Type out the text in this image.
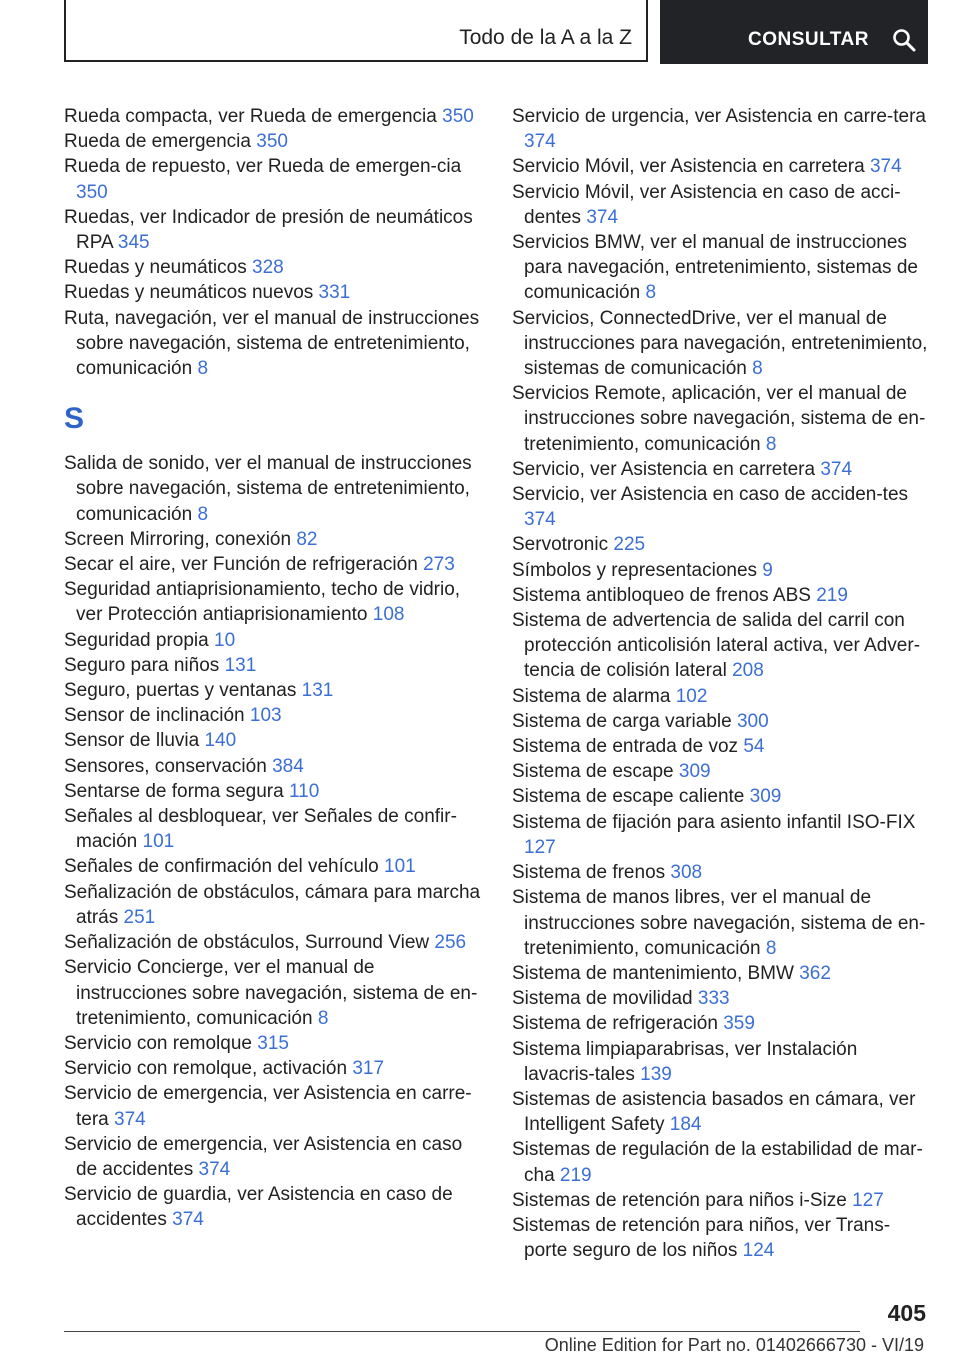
Todo de la A a la Z	CONSULTAR
Rueda compacta, ver Rueda de emergencia 350
Rueda de emergencia 350
Rueda de repuesto, ver Rueda de emergen‐cia 350
Ruedas, ver Indicador de presión de neumáticos RPA 345
Ruedas y neumáticos 328
Ruedas y neumáticos nuevos 331
Ruta, navegación, ver el manual de instrucciones sobre navegación, sistema de entretenimiento, comunicación 8
S
Salida de sonido, ver el manual de instrucciones sobre navegación, sistema de entretenimiento, comunicación 8
Screen Mirroring, conexión 82
Secar el aire, ver Función de refrigeración 273
Seguridad antiaprisionamiento, techo de vidrio, ver Protección antiaprisionamiento 108
Seguridad propia 10
Seguro para niños 131
Seguro, puertas y ventanas 131
Sensor de inclinación 103
Sensor de lluvia 140
Sensores, conservación 384
Sentarse de forma segura 110
Señales al desbloquear, ver Señales de confir‐mación 101
Señales de confirmación del vehículo 101
Señalización de obstáculos, cámara para marcha atrás 251
Señalización de obstáculos, Surround View 256
Servicio Concierge, ver el manual de instrucciones sobre navegación, sistema de en‐tretenimiento, comunicación 8
Servicio con remolque 315
Servicio con remolque, activación 317
Servicio de emergencia, ver Asistencia en carre‐tera 374
Servicio de emergencia, ver Asistencia en caso de accidentes 374
Servicio de guardia, ver Asistencia en caso de accidentes 374
Servicio de urgencia, ver Asistencia en carre‐tera 374
Servicio Móvil, ver Asistencia en carretera 374
Servicio Móvil, ver Asistencia en caso de acci‐dentes 374
Servicios BMW, ver el manual de instrucciones para navegación, entretenimiento, sistemas de comunicación 8
Servicios, ConnectedDrive, ver el manual de instrucciones para navegación, entretenimiento, sistemas de comunicación 8
Servicios Remote, aplicación, ver el manual de instrucciones sobre navegación, sistema de en‐tretenimiento, comunicación 8
Servicio, ver Asistencia en carretera 374
Servicio, ver Asistencia en caso de acciden‐tes 374
Servotronic 225
Símbolos y representaciones 9
Sistema antibloqueo de frenos ABS 219
Sistema de advertencia de salida del carril con protección anticolisión lateral activa, ver Adver‐tencia de colisión lateral 208
Sistema de alarma 102
Sistema de carga variable 300
Sistema de entrada de voz 54
Sistema de escape 309
Sistema de escape caliente 309
Sistema de fijación para asiento infantil ISO‐FIX 127
Sistema de frenos 308
Sistema de manos libres, ver el manual de instrucciones sobre navegación, sistema de en‐tretenimiento, comunicación 8
Sistema de mantenimiento, BMW 362
Sistema de movilidad 333
Sistema de refrigeración 359
Sistema limpiaparabrisas, ver Instalación lavacris‐tales 139
Sistemas de asistencia basados en cámara, ver Intelligent Safety 184
Sistemas de regulación de la estabilidad de mar‐cha 219
Sistemas de retención para niños i-Size 127
Sistemas de retención para niños, ver Trans‐porte seguro de los niños 124
405
Online Edition for Part no. 01402666730 - VI/19
